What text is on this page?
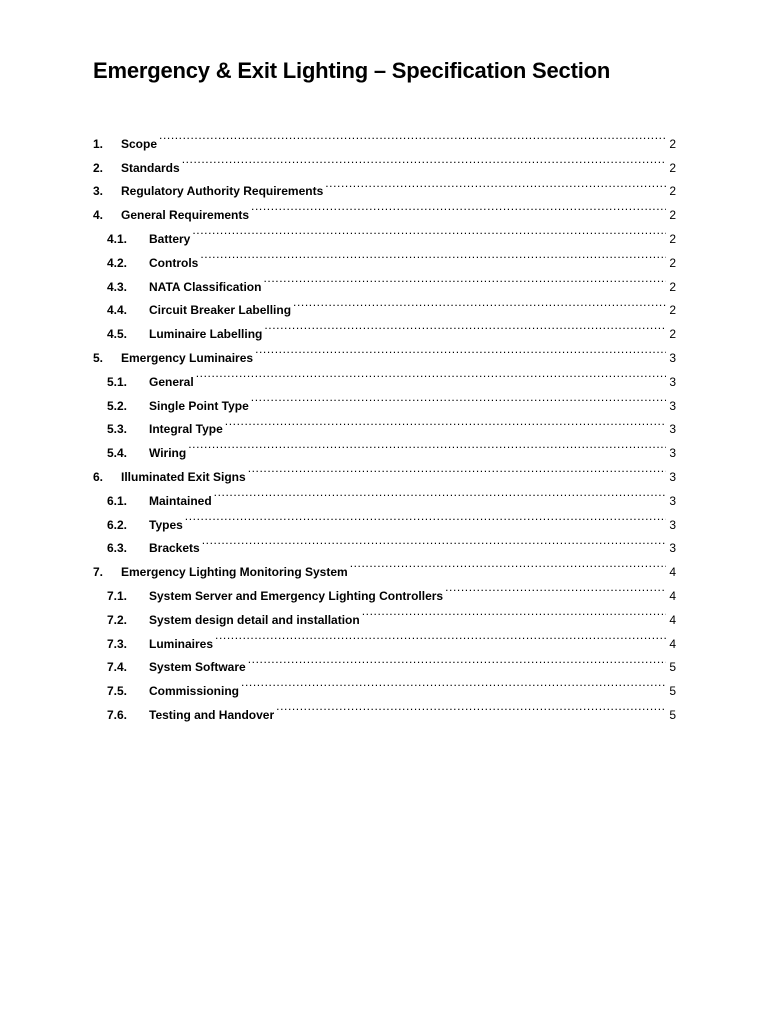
Emergency & Exit Lighting – Specification Section
1.	Scope .....	2
2.	Standards .....	2
3.	Regulatory Authority Requirements .....	2
4.	General Requirements .....	2
4.1.	Battery .....	2
4.2.	Controls .....	2
4.3.	NATA Classification .....	2
4.4.	Circuit Breaker Labelling .....	2
4.5.	Luminaire Labelling .....	2
5.	Emergency Luminaires .....	3
5.1.	General .....	3
5.2.	Single Point Type .....	3
5.3.	Integral Type .....	3
5.4.	Wiring .....	3
6.	Illuminated Exit Signs .....	3
6.1.	Maintained .....	3
6.2.	Types .....	3
6.3.	Brackets .....	3
7.	Emergency Lighting Monitoring System .....	4
7.1.	System Server and Emergency Lighting Controllers .....	4
7.2.	System design detail and installation .....	4
7.3.	Luminaires .....	4
7.4.	System Software .....	5
7.5.	Commissioning .....	5
7.6.	Testing and Handover .....	5
